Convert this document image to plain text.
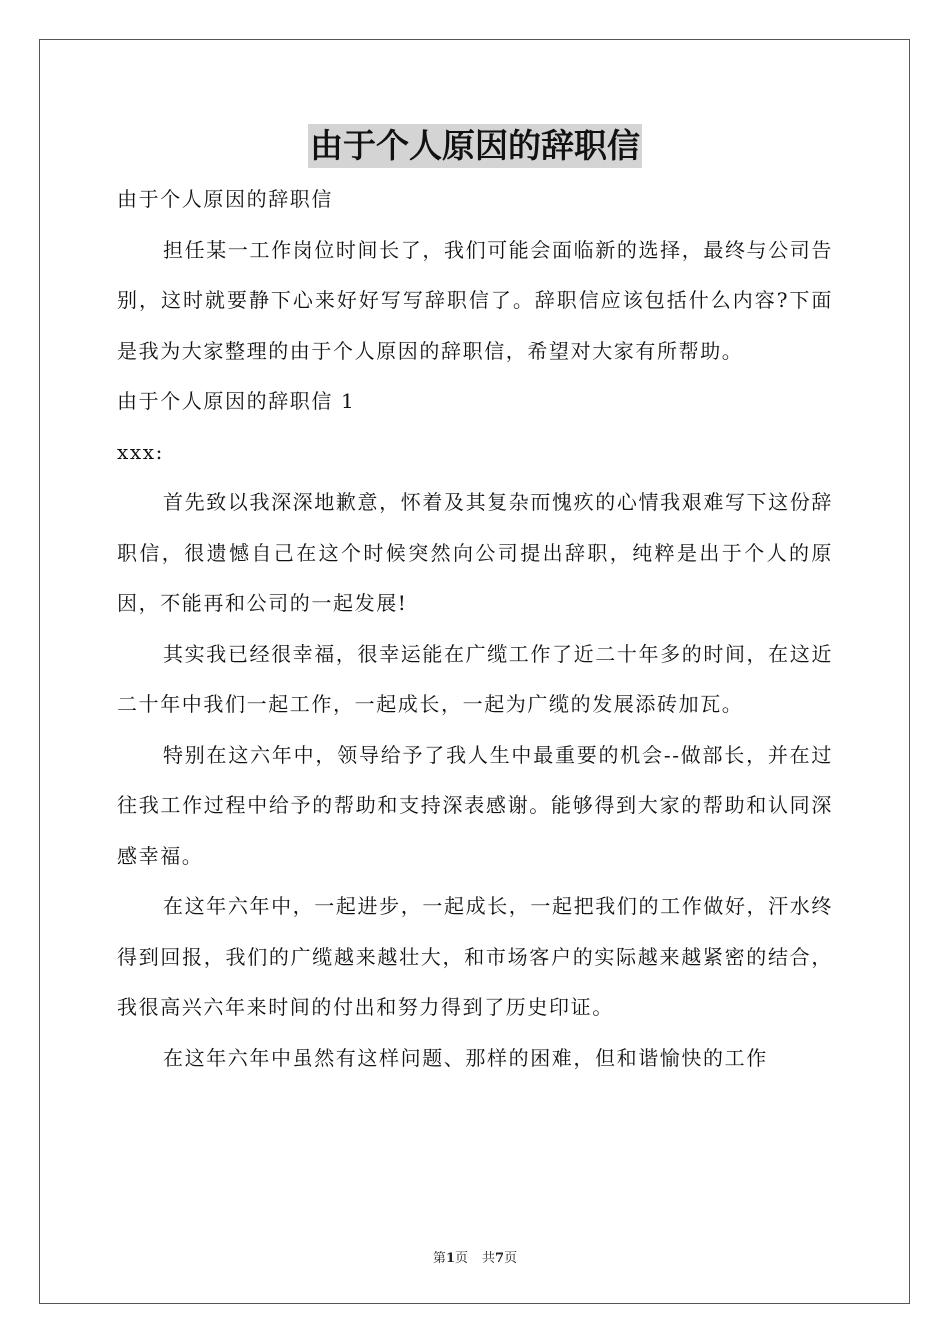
由于个人原因的辞职信

由于个人原因的辞职信

担任某一工作岗位时间长了，我们可能会面临新的选择，最终与公司告别，这时就要静下心来好好写写辞职信了。辞职信应该包括什么内容?下面是我为大家整理的由于个人原因的辞职信，希望对大家有所帮助。

由于个人原因的辞职信 1

xxx:

首先致以我深深地歉意，怀着及其复杂而愧疚的心情我艰难写下这份辞职信，很遗憾自己在这个时候突然向公司提出辞职，纯粹是出于个人的原因，不能再和公司的一起发展!

其实我已经很幸福，很幸运能在广缆工作了近二十年多的时间，在这近二十年中我们一起工作，一起成长，一起为广缆的发展添砖加瓦。

特别在这六年中，领导给予了我人生中最重要的机会--做部长，并在过往我工作过程中给予的帮助和支持深表感谢。能够得到大家的帮助和认同深感幸福。

在这年六年中，一起进步，一起成长，一起把我们的工作做好，汗水终得到回报，我们的广缆越来越壮大，和市场客户的实际越来越紧密的结合，我很高兴六年来时间的付出和努力得到了历史印证。

在这年六年中虽然有这样问题、那样的困难，但和谐愉快的工作

第1页 共7页
